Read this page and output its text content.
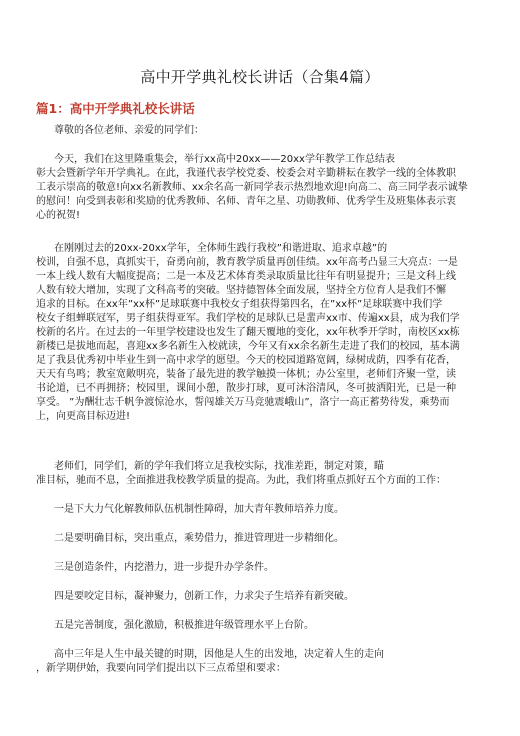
高中开学典礼校长讲话（合集4篇）
篇1：高中开学典礼校长讲话
尊敬的各位老师、亲爱的同学们：
今天，我们在这里隆重集会，举行xx高中20xx——20xx学年教学工作总结表
彰大会暨新学年开学典礼。在此，我谨代表学校党委、校委会对辛勤耕耘在教学一线的全体教职
工表示崇高的敬意!向xx名新教师、xx余名高一新同学表示热烈地欢迎!向高二、高三同学表示诚挚
的慰问！向受到表彰和奖励的优秀教师、名师、青年之星、功勋教师、优秀学生及班集体表示衷
心的祝贺!
在刚刚过去的20xx-20xx学年，全体师生践行我校”和谐进取、追求卓越”的
校训，自强不息，真抓实干，奋勇向前，教育教学质量再创佳绩。xx年高考凸显三大亮点：一是
一本上线人数有大幅度提高；二是一本及艺术体育类录取质量比往年有明显提升；三是文科上线
人数有较大增加，实现了文科高考的突破。坚持德智体全面发展，坚持全方位育人是我们不懈
追求的目标。在xx年”xx杯”足球联赛中我校女子组获得第四名，在”xx杯”足球联赛中我们学
校女子组蝉联冠军，男子组获得亚军。我们学校的足球队已是蜚声xx市、传遍xx县，成为我们学
校新的名片。在过去的一年里学校建设也发生了翻天覆地的变化，xx年秋季开学时，南校区xx栋
新楼已是拔地而起，喜迎xx多名新生入校就读，今年又有xx余名新生走进了我们的校园，基本满
足了我县优秀初中毕业生到一高中求学的愿望。今天的校园道路宽阔，绿树成荫，四季有花香，
天天有鸟鸣；教室宽敞明亮，装备了最先进的教学触摸一体机；办公室里，老师们齐聚一堂，读
书论道，已不再拥挤；校园里，课间小憩，散步打球，夏可沐浴清风，冬可披洒阳光，已是一种
享受。 ”为酬壮志千帆争渡惊沧水，誓闯雄关万马竞驰震峨山”，洛宁一高正蓄势待发，乘势而
上，向更高目标迈进!
老师们，同学们，新的学年我们将立足我校实际，找准差距，制定对策，瞄
准目标，驰而不息，全面推进我校教学质量的提高。为此，我们将重点抓好五个方面的工作：
一是下大力气化解教师队伍机制性障碍，加大青年教师培养力度。
二是要明确目标，突出重点，乘势借力，推进管理进一步精细化。
三是创造条件，内挖潜力，进一步提升办学条件。
四是要咬定目标，凝神聚力，创新工作，力求尖子生培养有新突破。
五是完善制度，强化激励，积极推进年级管理水平上台阶。
高中三年是人生中最关键的时期，因他是人生的出发地，决定着人生的走向
，新学期伊始，我要向同学们提出以下三点希望和要求：
